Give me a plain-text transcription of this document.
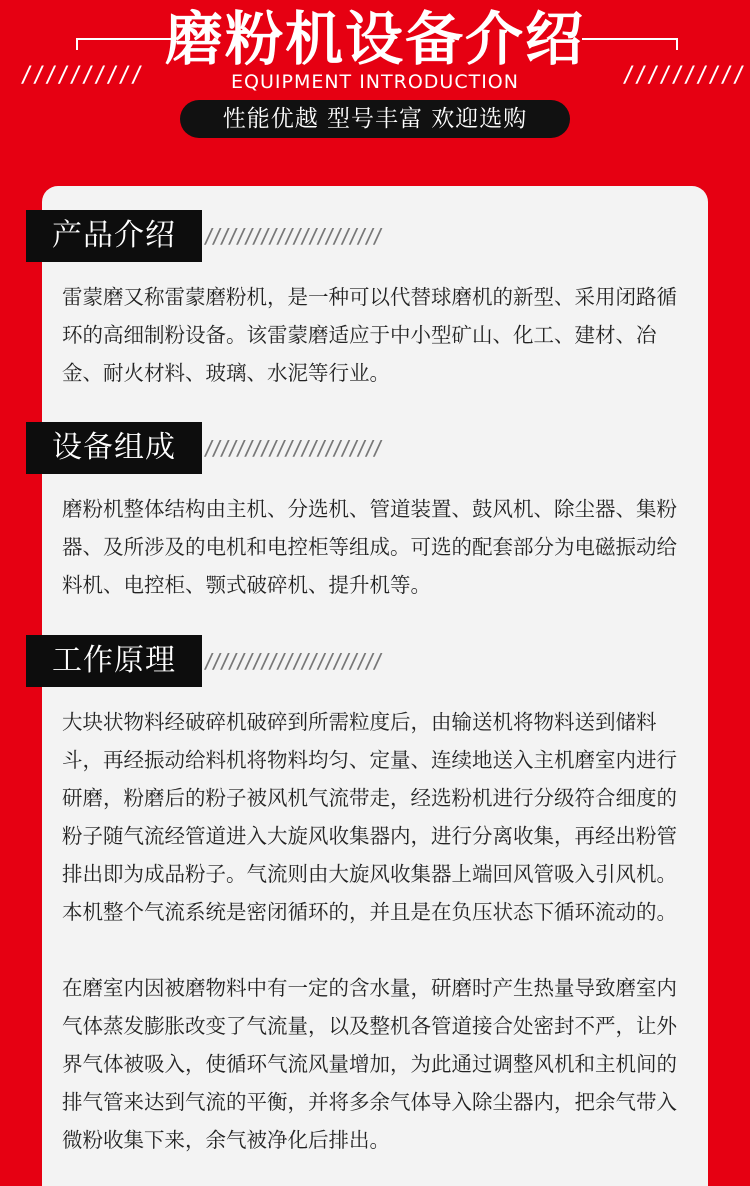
磨粉机设备介绍
//////////	//////////
EQUIPMENT INTRODUCTION
性能优越 型号丰富 欢迎选购
产品介绍	//////////////////////

雷蒙磨又称雷蒙磨粉机，是一种可以代替球磨机的新型、采用闭路循环的高细制粉设备。该雷蒙磨适应于中小型矿山、化工、建材、冶金、耐火材料、玻璃、水泥等行业。

设备组成	//////////////////////

磨粉机整体结构由主机、分选机、管道装置、鼓风机、除尘器、集粉器、及所涉及的电机和电控柜等组成。可选的配套部分为电磁振动给料机、电控柜、颚式破碎机、提升机等。

工作原理	//////////////////////

大块状物料经破碎机破碎到所需粒度后，由输送机将物料送到储料斗，再经振动给料机将物料均匀、定量、连续地送入主机磨室内进行研磨，粉磨后的粉子被风机气流带走，经选粉机进行分级符合细度的粉子随气流经管道进入大旋风收集器内，进行分离收集，再经出粉管排出即为成品粉子。气流则由大旋风收集器上端回风管吸入引风机。本机整个气流系统是密闭循环的，并且是在负压状态下循环流动的。

在磨室内因被磨物料中有一定的含水量，研磨时产生热量导致磨室内气体蒸发膨胀改变了气流量，以及整机各管道接合处密封不严，让外界气体被吸入，使循环气流风量增加，为此通过调整风机和主机间的排气管来达到气流的平衡，并将多余气体导入除尘器内，把余气带入微粉收集下来，余气被净化后排出。
